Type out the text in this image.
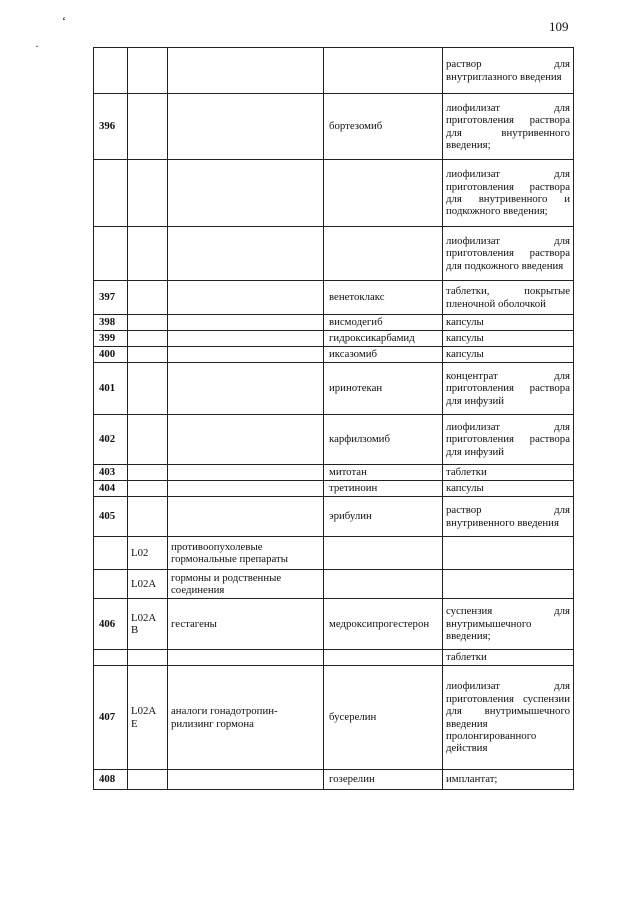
109
‘
·
				раствор для внутриглазного введения
396			бортезомиб	лиофилизат для приготовления раствора для внутривенного введения;
				лиофилизат для приготовления раствора для внутривенного и подкожного введения;
				лиофилизат для приготовления раствора для подкожного введения
397			венетоклакс	таблетки, покрытые пленочной оболочкой
398			висмодегиб	капсулы
399			гидроксикарбамид	капсулы
400			иксазомиб	капсулы
401			иринотекан	концентрат для приготовления раствора для инфузий
402			карфилзомиб	лиофилизат для приготовления раствора для инфузий
403			митотан	таблетки
404			третиноин	капсулы
405			эрибулин	раствор для внутривенного введения
	L02	противоопухолевые гормональные препараты		
	L02A	гормоны и родственные соединения		
406	L02A B	гестагены	медроксипрогестерон	суспензия для внутримышечного введения;
				таблетки
407	L02A E	аналоги гонадотропин-рилизинг гормона	бусерелин	лиофилизат для приготовления суспензии для внутримышечного введения пролонгированного действия
408			гозерелин	имплантат;
